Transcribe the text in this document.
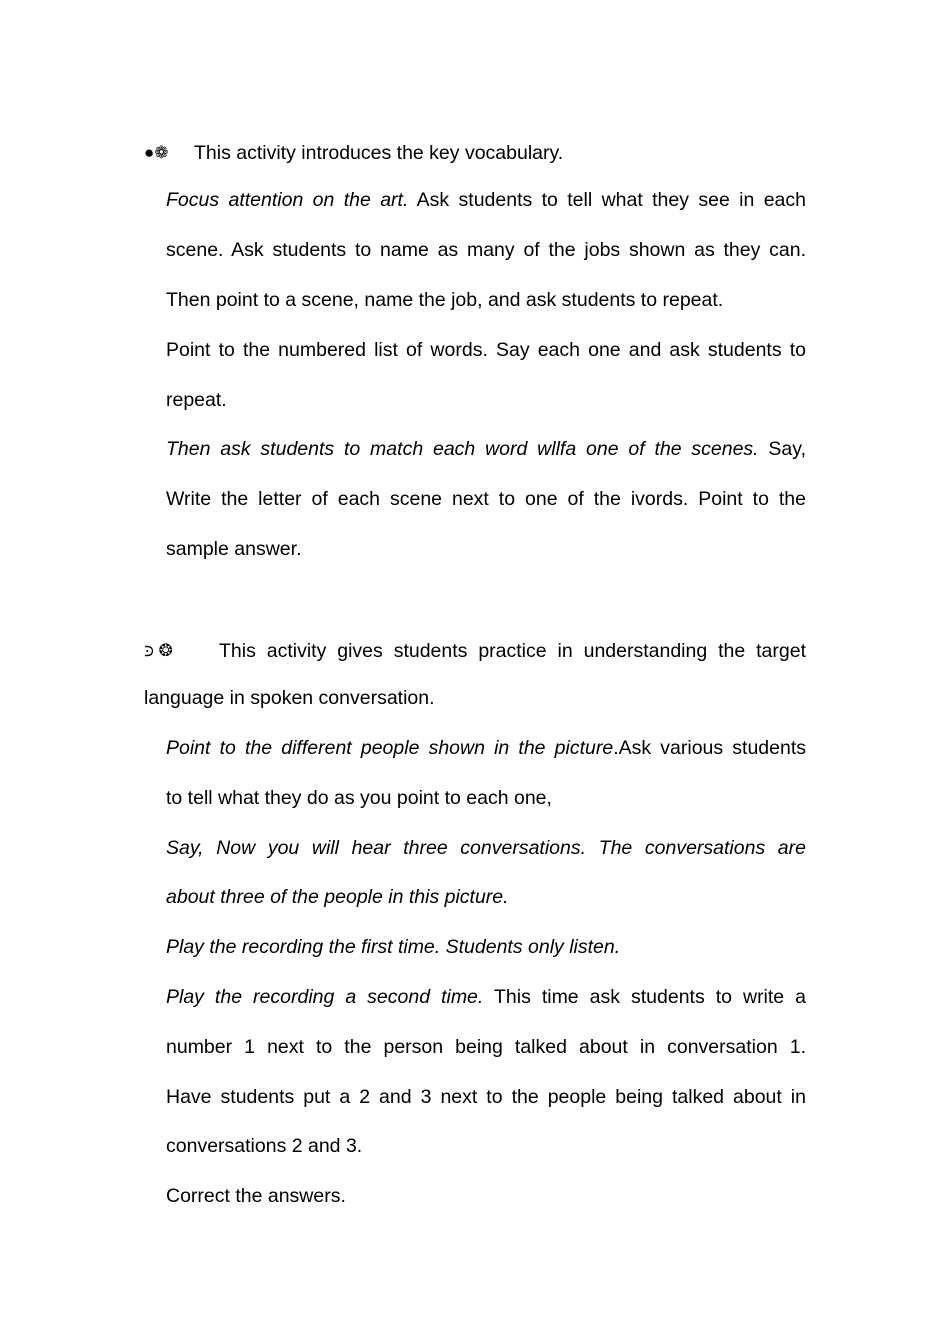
●❁ This activity introduces the key vocabulary.
Focus attention on the art. Ask students to tell what they see in each
scene. Ask students to name as many of the jobs shown as they can.
Then point to a scene, name the job, and ask students to repeat.
Point to the numbered list of words. Say each one and ask students to
repeat.
Then ask students to match each word wllfa one of the scenes. Say,
Write the letter of each scene next to one of the ivords. Point to the
sample answer.
⪾ ❂ This activity gives students practice in understanding the target
language in spoken conversation.
Point to the different people shown in the picture.Ask various students
to tell what they do as you point to each one,
Say, Now you will hear three conversations. The conversations are
about three of the people in this picture.
Play the recording the first time. Students only listen.
Play the recording a second time. This time ask students to write a
number 1 next to the person being talked about in conversation 1.
Have students put a 2 and 3 next to the people being talked about in
conversations 2 and 3.
Correct the answers.
